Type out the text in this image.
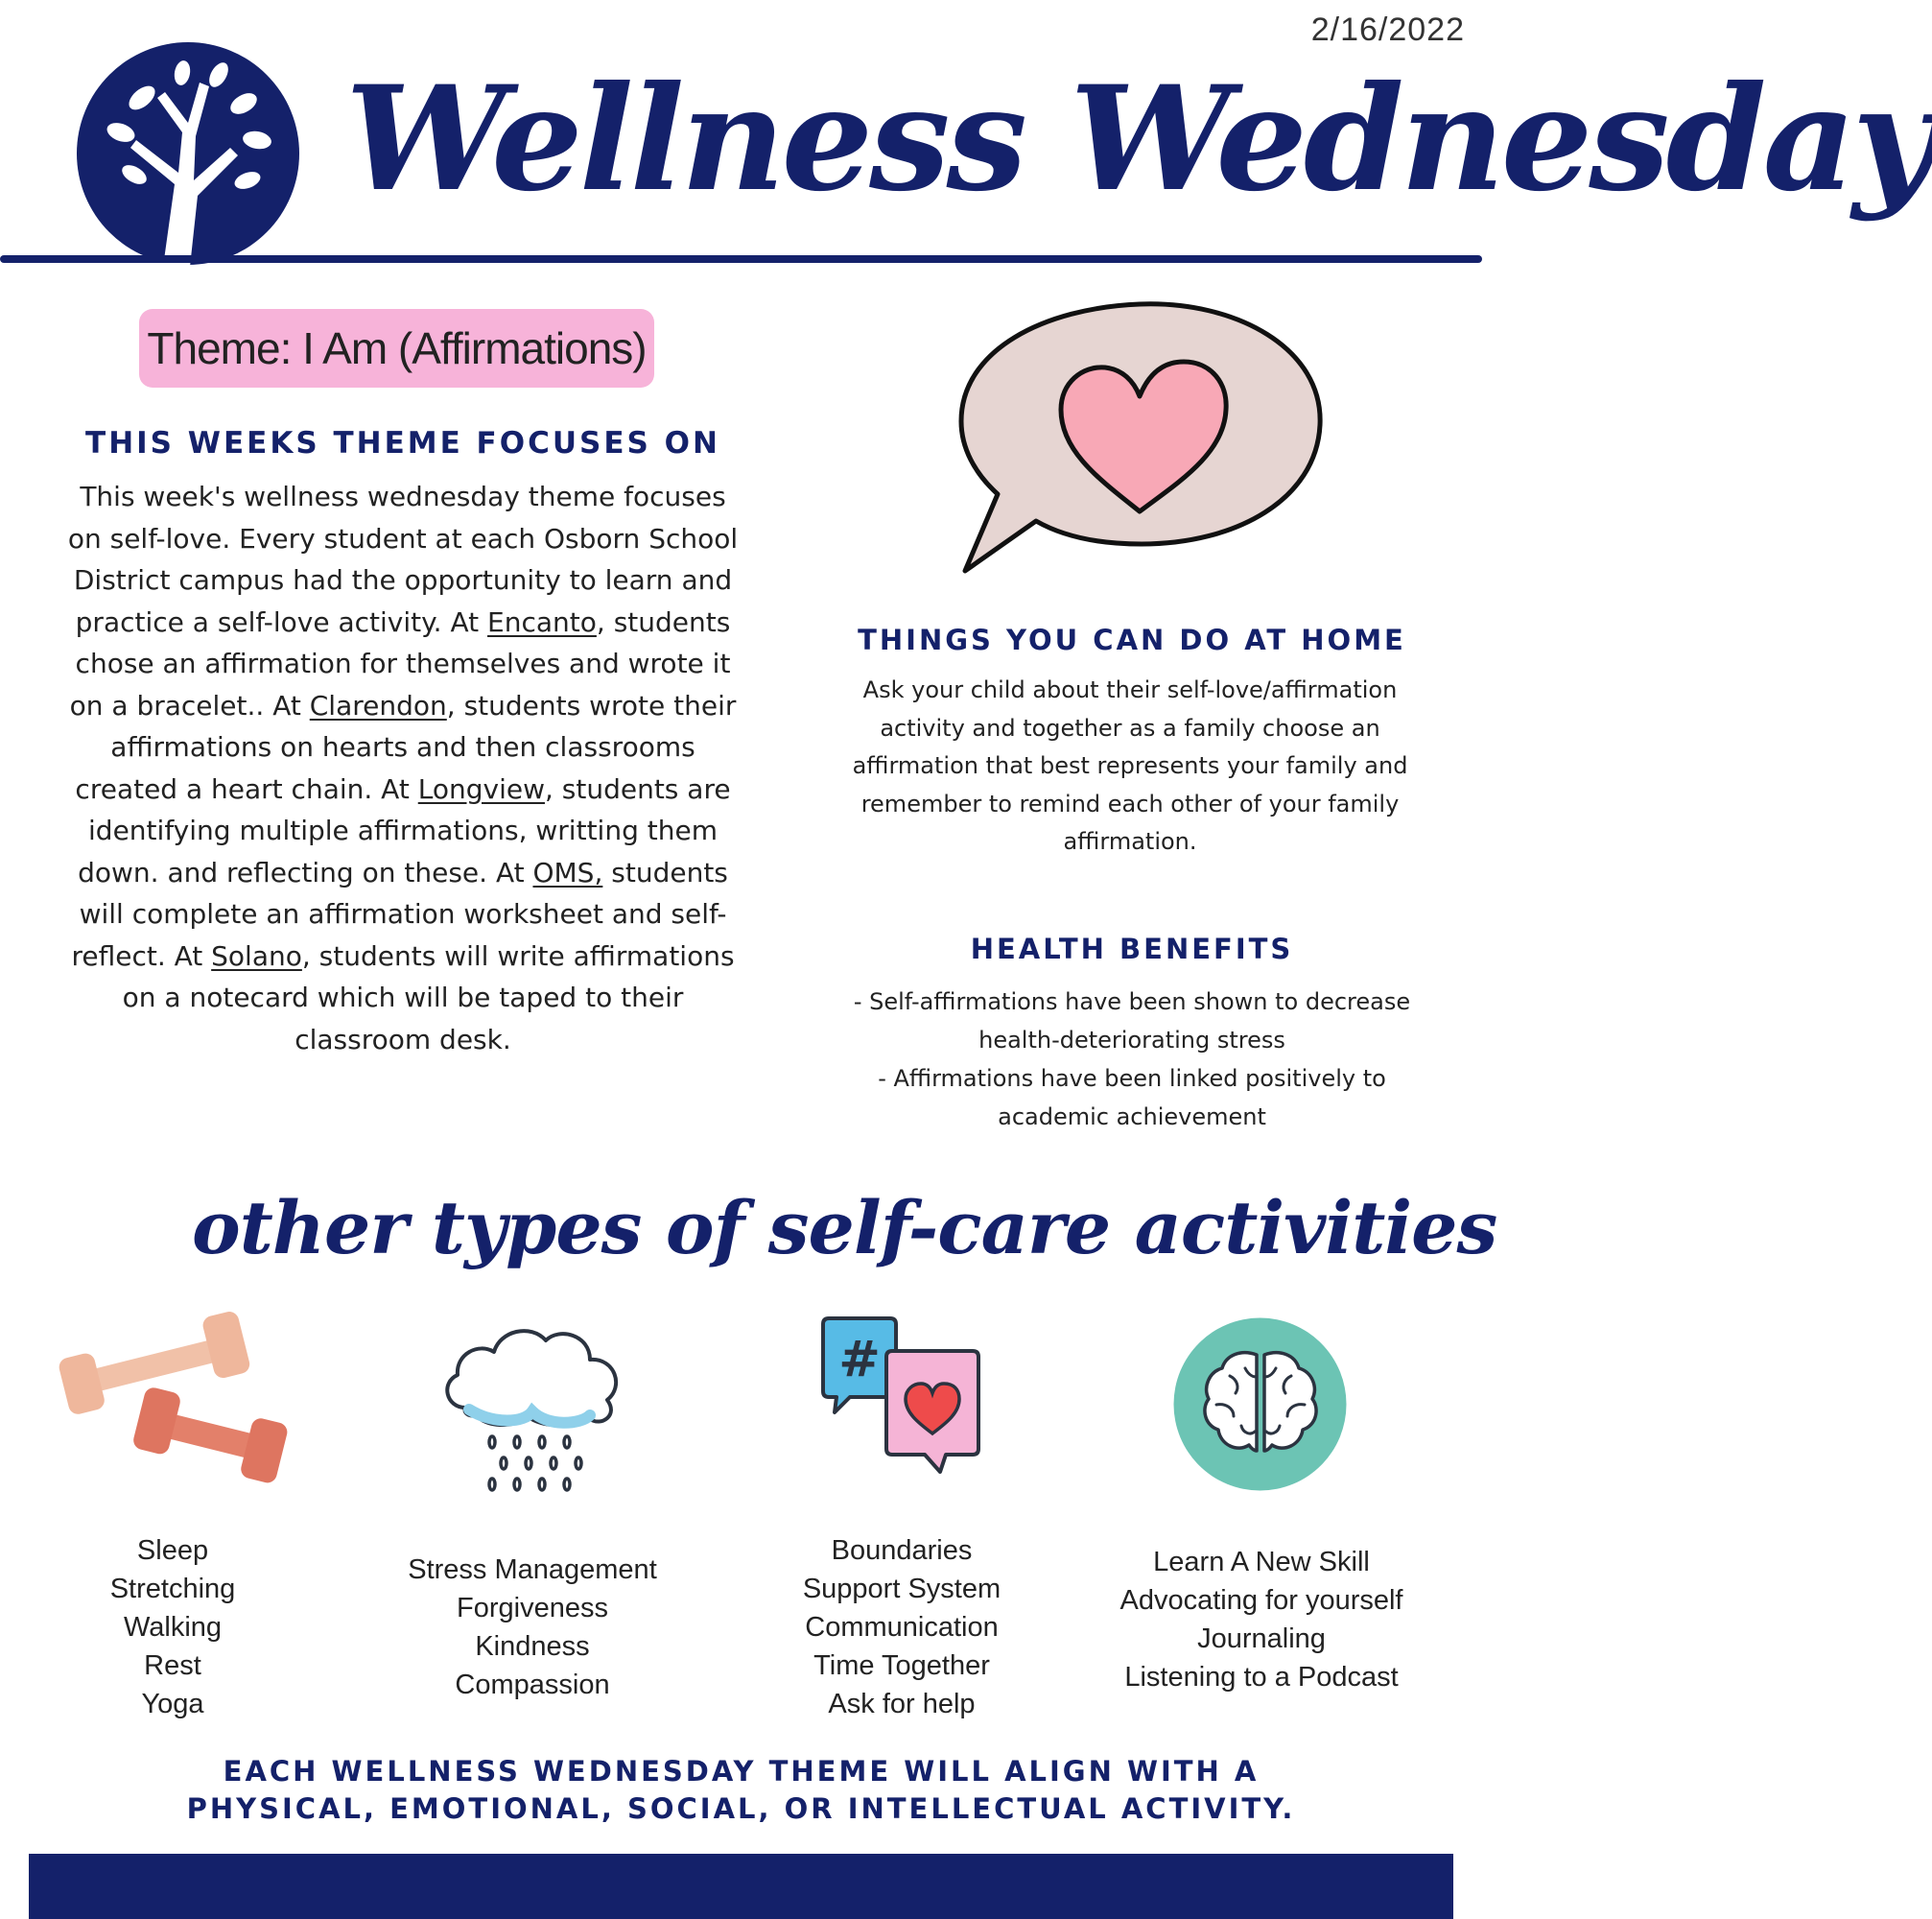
2/16/2022
Wellness Wednesday
Theme: I Am (Affirmations)
THIS WEEKS THEME FOCUSES ON

This week's wellness wednesday theme focuses on self-love. Every student at each Osborn School District campus had the opportunity to learn and practice a self-love activity. At Encanto, students chose an affirmation for themselves and wrote it on a bracelet.. At Clarendon, students wrote their affirmations on hearts and then classrooms created a heart chain. At Longview, students are identifying multiple affirmations, writting them down. and reflecting on these. At OMS, students will complete an affirmation worksheet and self-reflect. At Solano, students will write affirmations on a notecard which will be taped to their classroom desk.

THINGS YOU CAN DO AT HOME

Ask your child about their self-love/affirmation activity and together as a family choose an affirmation that best represents your family and remember to remind each other of your family affirmation.

HEALTH BENEFITS
- Self-affirmations have been shown to decrease health-deteriorating stress
- Affirmations have been linked positively to academic achievement
other types of self-care activities
#
Sleep
Stretching
Walking
Rest
Yoga
Stress Management
Forgiveness
Kindness
Compassion
Boundaries
Support System
Communication
Time Together
Ask for help
Learn A New Skill
Advocating for yourself
Journaling
Listening to a Podcast
EACH WELLNESS WEDNESDAY THEME WILL ALIGN WITH A
PHYSICAL, EMOTIONAL, SOCIAL, OR INTELLECTUAL ACTIVITY.
